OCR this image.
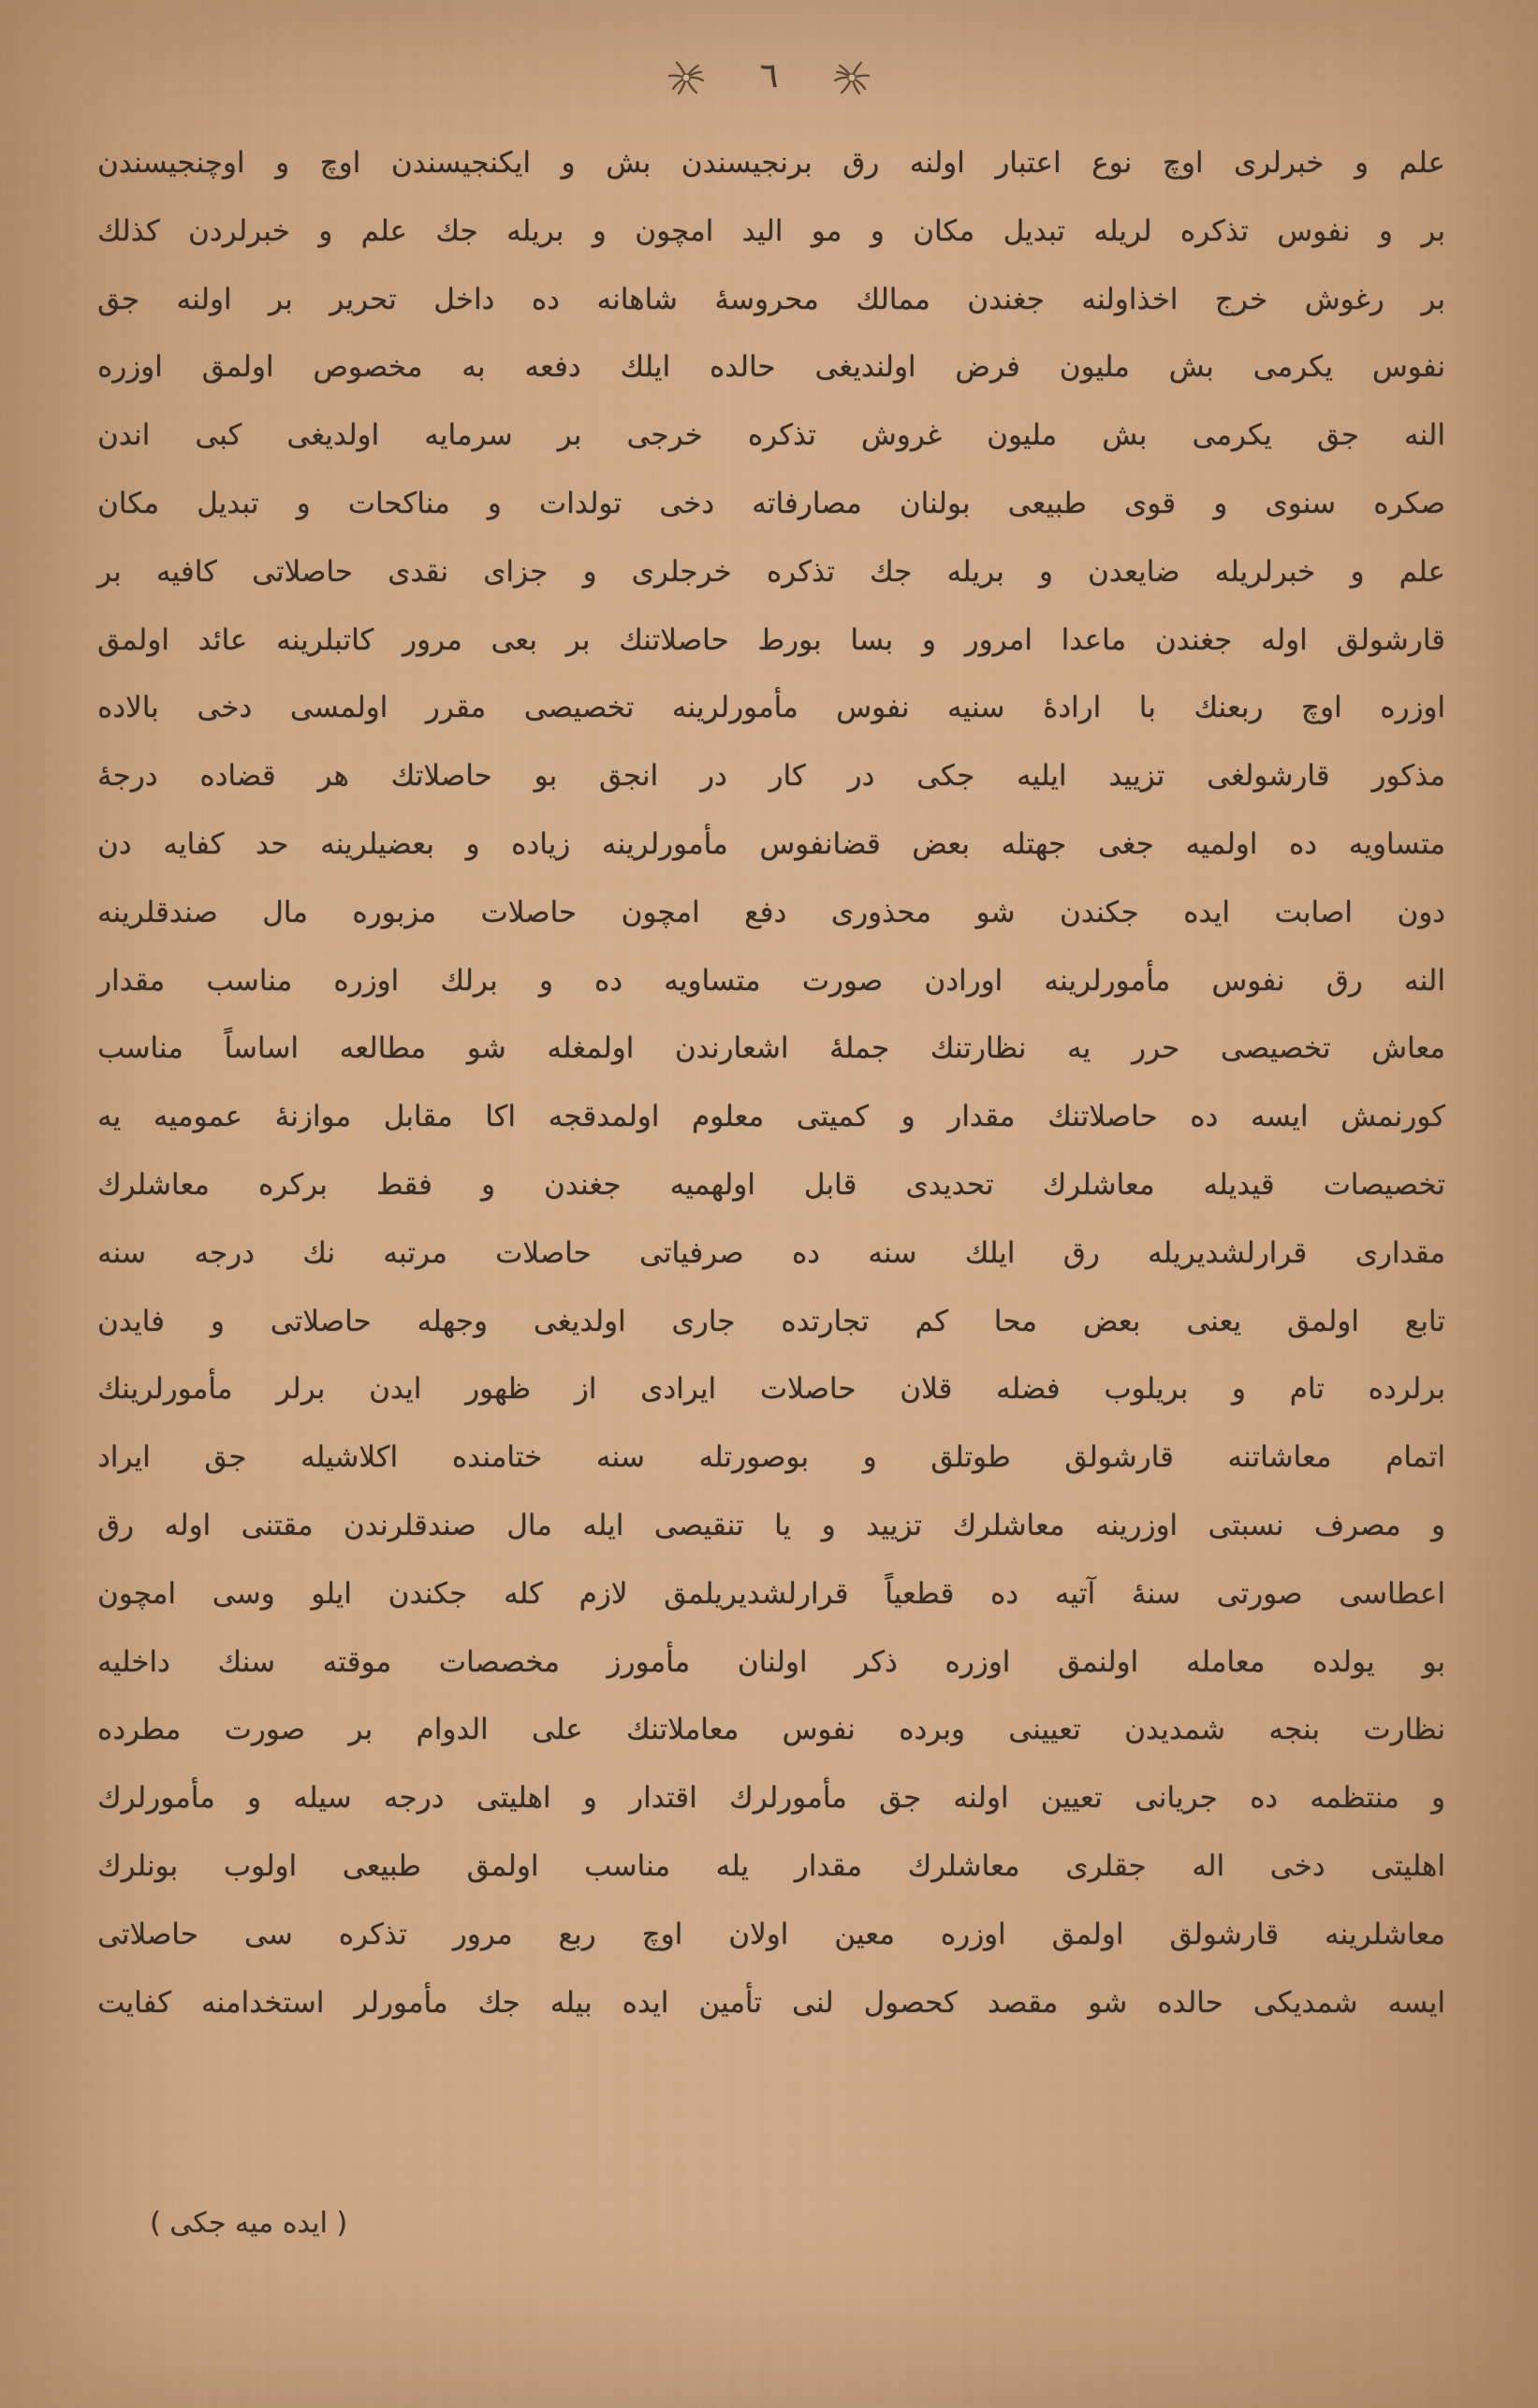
٦
علم و خبرلری اوچ نوع اعتبار اولنه رق برنجیسندن بش و ایکنجیسندن اوچ و اوچنجیسندن
بر و نفوس تذكره لریله تبدیل مكان و مو الید امچون و بریله جك علم و خبرلردن كذلك
بر رغوش خرج اخذاولنه جغندن ممالك محروسهٔ شاهانه ده داخل تحریر بر اولنه جق
نفوس یكرمی بش ملیون فرض اولندیغی حالده ایلك دفعه به مخصوص اولمق اوزره
النه جق یكرمی بش ملیون غروش تذكره خرجی بر سرمایه اولدیغی كبی اندن
صكره سنوی و قوی طبیعی بولنان مصارفاته دخی تولدات و مناكحات و تبدیل مكان
علم و خبرلریله ضایعدن و بریله جك تذكره خرجلری و جزای نقدی حاصلاتی كافیه بر
قارشولق اوله جغندن ماعدا امرور و بسا بورط حاصلاتنك بر بعی مرور كاتبلرینه عائد اولمق
اوزره اوچ ربعنك با ارادهٔ سنیه نفوس مأمورلرینه تخصیصی مقرر اولمسی دخی بالاده
مذكور قارشولغی تزیید ایلیه جكی در كار در انجق بو حاصلاتك هر قضاده درجهٔ
متساویه ده اولمیه جغی جهتله بعض قضانفوس مأمورلرینه زیاده و بعضیلرینه حد كفایه دن
دون اصابت ایده جكندن شو محذوری دفع امچون حاصلات مزبوره مال صندقلرینه
النه رق نفوس مأمورلرینه اورادن صورت متساویه ده و برلك اوزره مناسب مقدار
معاش تخصیصی حرر یه نظارتنك جملهٔ اشعارندن اولمغله شو مطالعه اساساً مناسب
كورنمش ایسه ده حاصلاتنك مقدار و كمیتی معلوم اولمدقجه اكا مقابل موازنهٔ عمومیه یه
تخصیصات قیدیله معاشلرك تحدیدی قابل اولهمیه جغندن و فقط بركره معاشلرك
مقداری قرارلشدیریله رق ایلك سنه ده صرفیاتی حاصلات مرتبه نك درجه سنه
تابع اولمق یعنی بعض محا كم تجارتده جاری اولدیغی وجهله حاصلاتی و فایدن
برلرده تام و بریلوب فضله قلان حاصلات ایرادی از ظهور ایدن برلر مأمورلرینك
اتمام معاشاتنه قارشولق طوتلق و بوصورتله سنه ختامنده اكلاشیله جق ایراد
و مصرف نسبتی اوزرینه معاشلرك تزیید و یا تنقیصی ایله مال صندقلرندن مقتنی اوله رق
اعطاسی صورتی سنهٔ آتیه ده قطعیاً قرارلشدیریلمق لازم كله جكندن ایلو وسی امچون
بو یولده معامله اولنمق اوزره ذكر اولنان مأمورز مخصصات موقته سنك داخلیه
نظارت بنجه شمدیدن تعیینی وبرده نفوس معاملاتنك علی الدوام بر صورت مطرده
و منتظمه ده جریانی تعیین اولنه جق مأمورلرك اقتدار و اهلیتی درجه سیله و مأمورلرك
اهلیتی دخی اله جقلری معاشلرك مقدار یله مناسب اولمق طبیعی اولوب بونلرك
معاشلرینه قارشولق اولمق اوزره معین اولان اوچ ربع مرور تذكره سی حاصلاتی
ایسه شمدیكی حالده شو مقصد كحصول لنی تأمین ایده بیله جك مأمورلر استخدامنه كفایت
( ایده میه جكی )
